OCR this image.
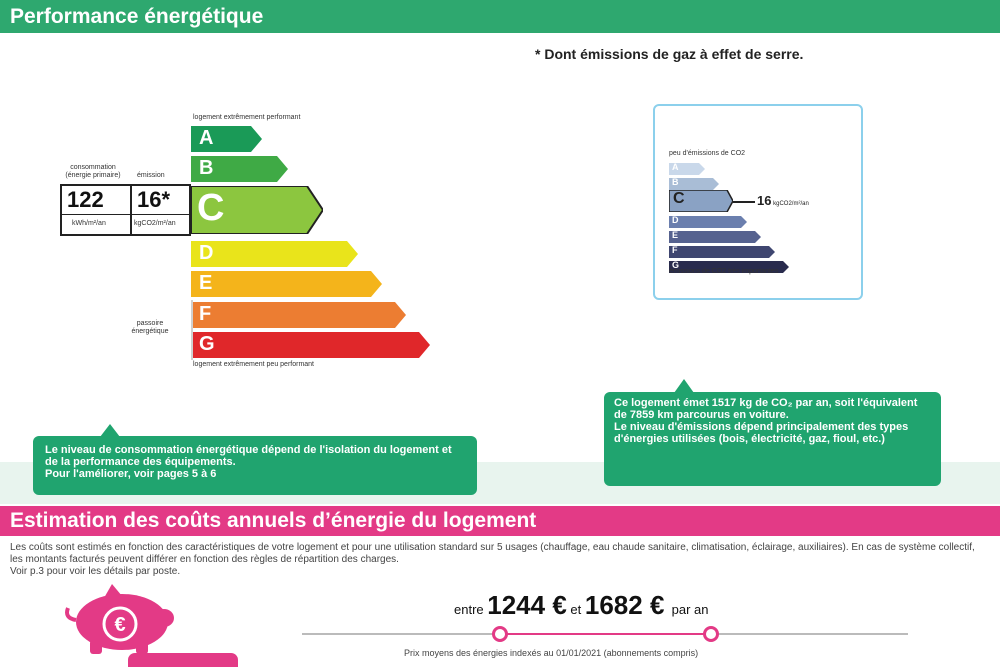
Performance énergétique
* Dont émissions de gaz à effet de serre.
logement extrêmement performant
A
B
C
D
E
F
G
passoire énergétique
logement extrêmement peu performant
consommation (énergie primaire)	émission
122 16*
kWh/m²/an	kgCO2/m²/an
peu d'émissions de CO2
A
B
C	16 kgCO2/m²/an
D
E
F
G
émissions de CO2 très importantes

Le niveau de consommation énergétique dépend de l'isolation du logement et de la performance des équipements.

Pour l'améliorer, voir pages 5 à 6

Ce logement émet 1517 kg de CO₂ par an, soit l'équivalent de 7859 km parcourus en voiture.

Le niveau d'émissions dépend principalement des types d'énergies utilisées (bois, électricité, gaz, fioul, etc.)

Estimation des coûts annuels d’énergie du logement
Les coûts sont estimés en fonction des caractéristiques de votre logement et pour une utilisation standard sur 5 usages (chauffage, eau chaude sanitaire, climatisation, éclairage, auxiliaires). En cas de système collectif, les montants facturés peuvent différer en fonction des règles de répartition des charges.
Voir p.3 pour voir les détails par poste.
€
entre 1244 € et 1682 € par an
Prix moyens des énergies indexés au 01/01/2021 (abonnements compris)
